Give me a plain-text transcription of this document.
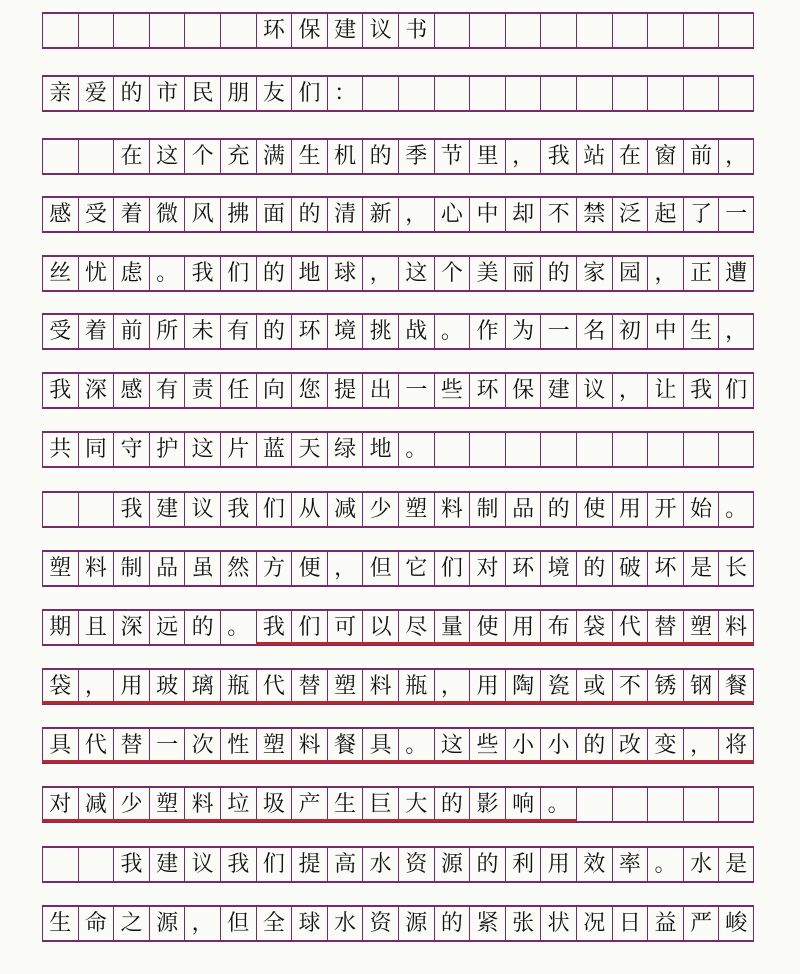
环 保 建 议 书
亲 爱 的 市 民 朋 友 们 ：
在 这 个 充 满 生 机 的 季 节 里 ， 我 站 在 窗 前 ，
感 受 着 微 风 拂 面 的 清 新 ， 心 中 却 不 禁 泛 起 了 一
丝 忧 虑 。 我 们 的 地 球 ， 这 个 美 丽 的 家 园 ， 正 遭
受 着 前 所 未 有 的 环 境 挑 战 。 作 为 一 名 初 中 生 ，
我 深 感 有 责 任 向 您 提 出 一 些 环 保 建 议 ， 让 我 们
共 同 守 护 这 片 蓝 天 绿 地 。
我 建 议 我 们 从 减 少 塑 料 制 品 的 使 用 开 始 。
塑 料 制 品 虽 然 方 便 ， 但 它 们 对 环 境 的 破 坏 是 长
期 且 深 远 的 。 我 们 可 以 尽 量 使 用 布 袋 代 替 塑 料
袋 ， 用 玻 璃 瓶 代 替 塑 料 瓶 ， 用 陶 瓷 或 不 锈 钢 餐
具 代 替 一 次 性 塑 料 餐 具 。 这 些 小 小 的 改 变 ， 将
对 减 少 塑 料 垃 圾 产 生 巨 大 的 影 响 。
我 建 议 我 们 提 高 水 资 源 的 利 用 效 率 。 水 是
生 命 之 源 ， 但 全 球 水 资 源 的 紧 张 状 况 日 益 严 峻
